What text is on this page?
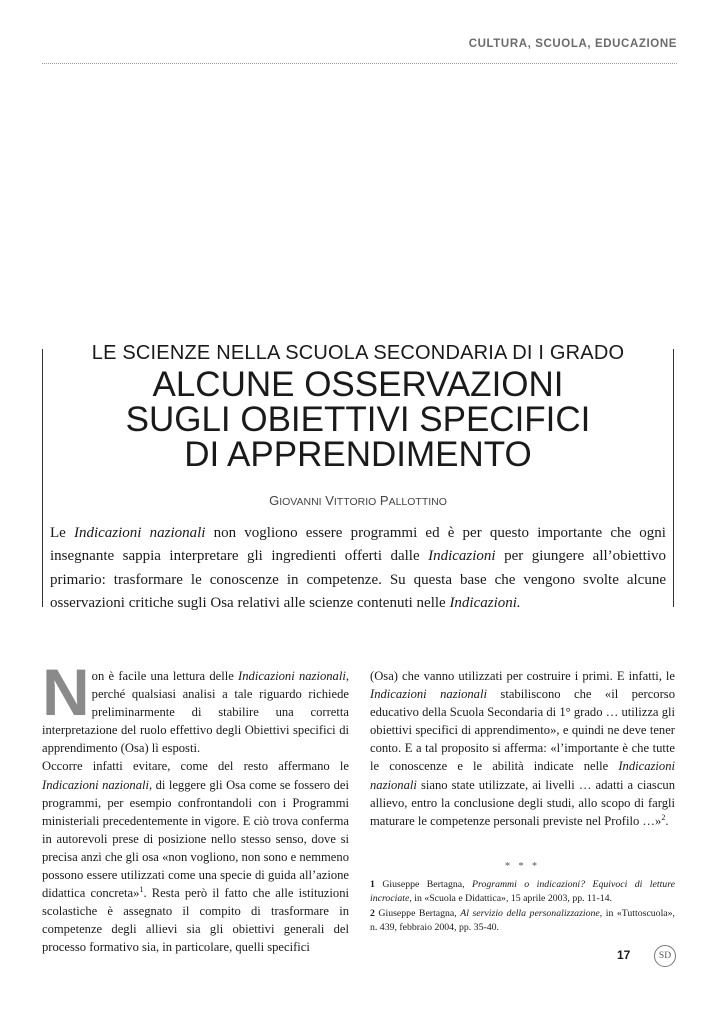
CULTURA, SCUOLA, EDUCAZIONE
LE SCIENZE NELLA SCUOLA SECONDARIA DI I GRADO
ALCUNE OSSERVAZIONI
SUGLI OBIETTIVI SPECIFICI
DI APPRENDIMENTO
GIOVANNI VITTORIO PALLOTTINO
Le Indicazioni nazionali non vogliono essere programmi ed è per questo importante che ogni insegnante sappia interpretare gli ingredienti offerti dalle Indicazioni per giungere all’obiettivo primario: trasformare le conoscenze in competenze. Su questa base che vengono svolte alcune osservazioni critiche sugli Osa relativi alle scienze contenuti nelle Indicazioni.

Non è facile una lettura delle Indicazioni nazionali, perché qualsiasi analisi a tale riguardo richiede preliminarmente di stabilire una corretta interpretazione del ruolo effettivo degli Obiettivi specifici di apprendimento (Osa) lì esposti.

Occorre infatti evitare, come del resto affermano le Indicazioni nazionali, di leggere gli Osa come se fossero dei programmi, per esempio confrontandoli con i Programmi ministeriali precedentemente in vigore. E ciò trova conferma in autorevoli prese di posizione nello stesso senso, dove si precisa anzi che gli osa «non vogliono, non sono e nemmeno possono essere utilizzati come una specie di guida all’azione didattica concreta»$^1$. Resta però il fatto che alle istituzioni scolastiche è assegnato il compito di trasformare in competenze degli allievi sia gli obiettivi generali del processo formativo sia, in particolare, quelli specifici

(Osa) che vanno utilizzati per costruire i primi. E infatti, le Indicazioni nazionali stabiliscono che «il percorso educativo della Scuola Secondaria di 1° grado … utilizza gli obiettivi specifici di apprendimento», e quindi ne deve tener conto. E a tal proposito si afferma: «l’importante è che tutte le conoscenze e le abilità indicate nelle Indicazioni nazionali siano state utilizzate, ai livelli … adatti a ciascun allievo, entro la conclusione degli studi, allo scopo di fargli maturare le competenze personali previste nel Profilo …»$^2$.

* * *

1 Giuseppe Bertagna, Programmi o indicazioni? Equivoci di letture incrociate, in «Scuola e Didattica», 15 aprile 2003, pp. 11-14.

2 Giuseppe Bertagna, Al servizio della personalizzazione, in «Tuttoscuola», n. 439, febbraio 2004, pp. 35-40.

17	SD
